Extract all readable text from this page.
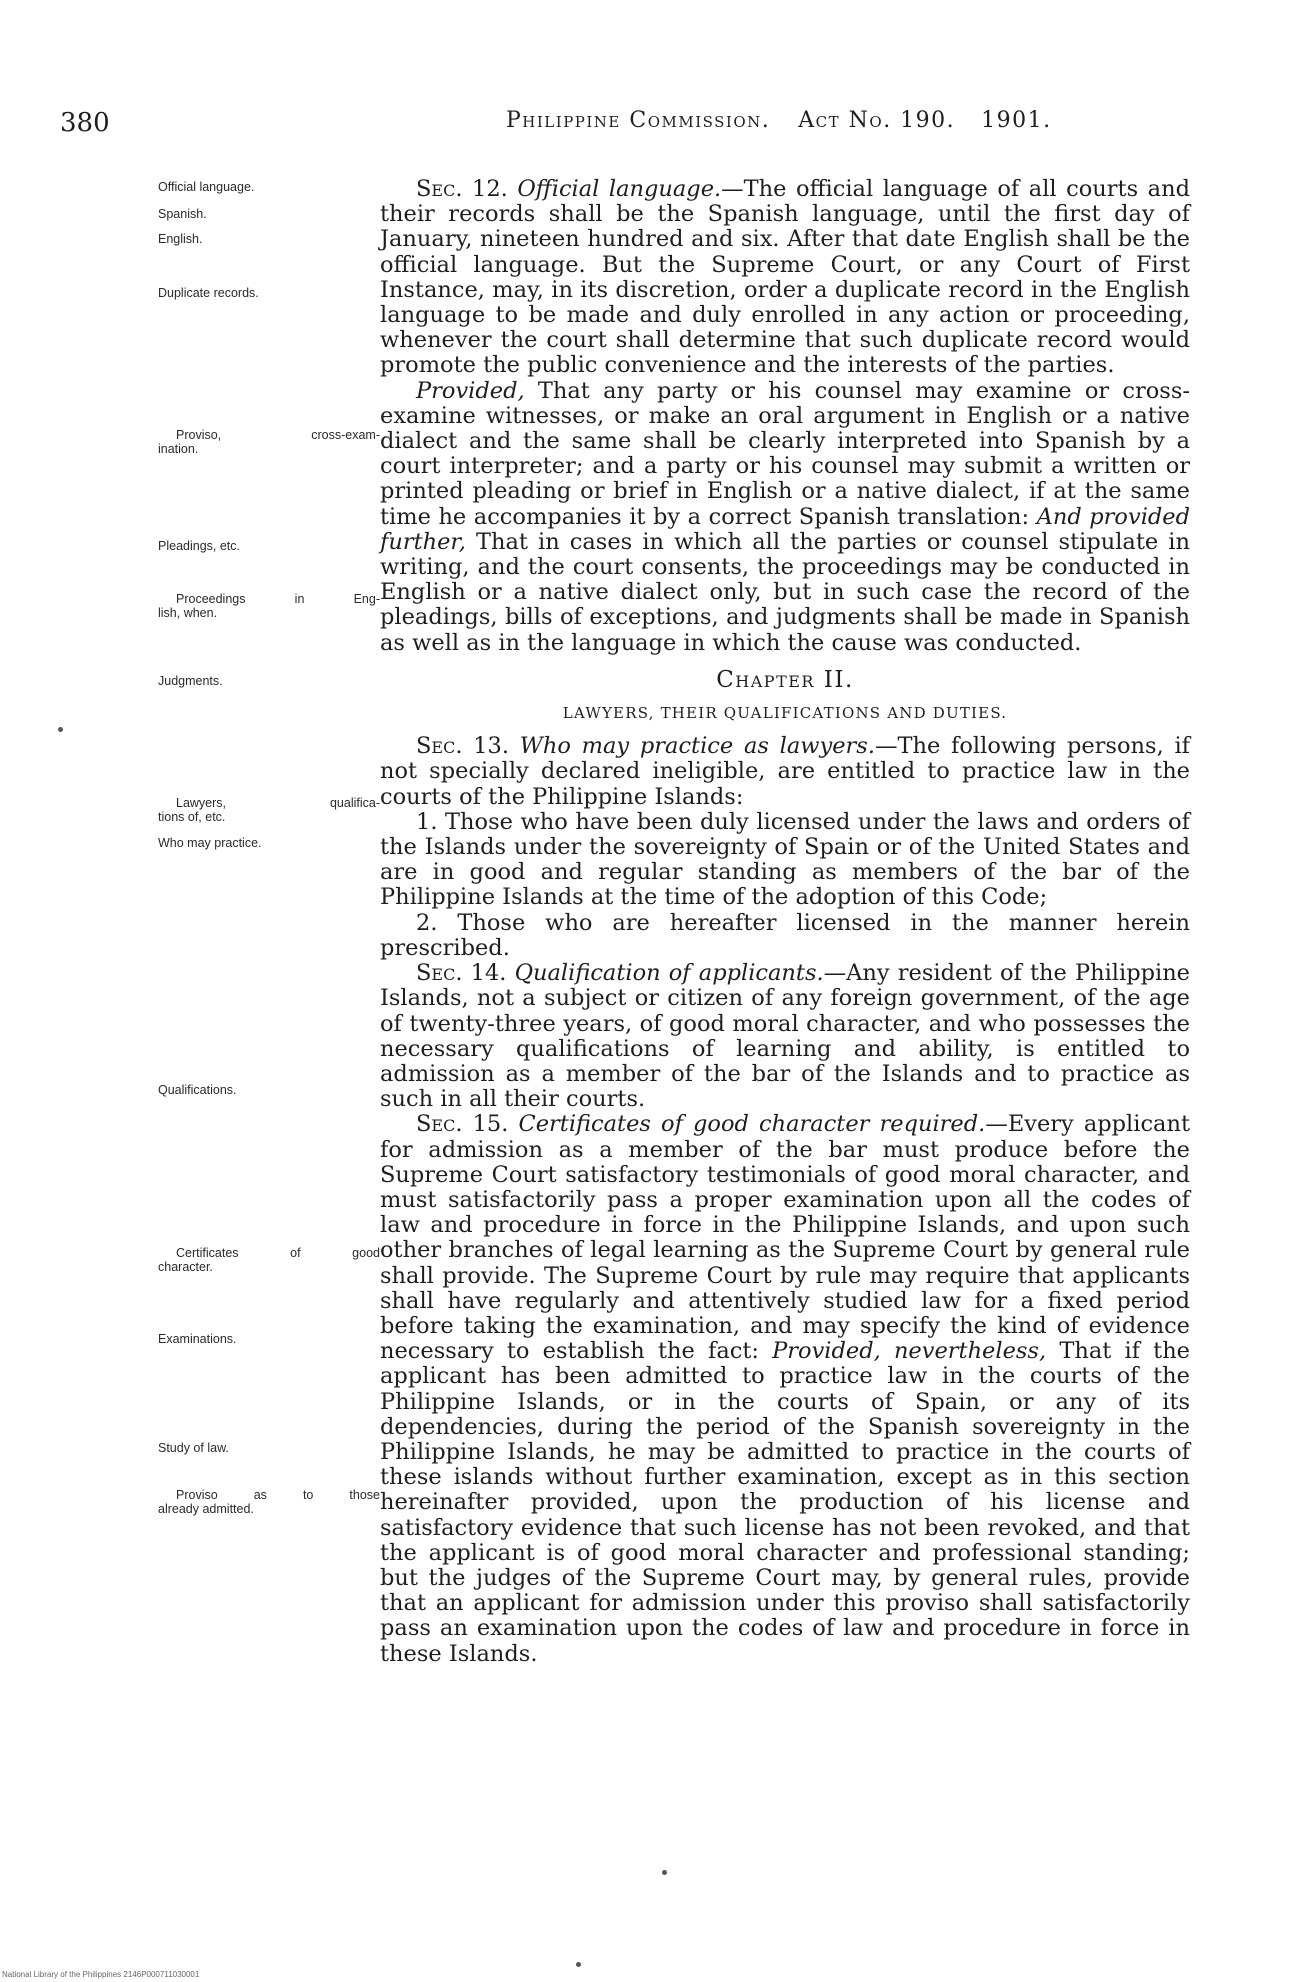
380	Philippine Commission. Act No. 190. 1901.
Official language.
Spanish.
English.
Duplicate records.
Proviso, cross-exam-
ination.
Pleadings, etc.
Proceedings in Eng-
lish, when.
Judgments.
Lawyers, qualifica-
tions of, etc.
Who may practice.
Qualifications.
Certificates of good
character.
Examinations.
Study of law.
Proviso as to those
already admitted.

Sec. 12. Official language.—The official language of all courts and their records shall be the Spanish language, until the first day of January, nineteen hundred and six. After that date English shall be the official language. But the Supreme Court, or any Court of First Instance, may, in its discretion, order a duplicate record in the English language to be made and duly enrolled in any action or proceeding, whenever the court shall determine that such duplicate record would promote the public convenience and the interests of the parties.

Provided, That any party or his counsel may examine or cross-examine witnesses, or make an oral argument in English or a native dialect and the same shall be clearly interpreted into Spanish by a court interpreter; and a party or his counsel may submit a written or printed pleading or brief in English or a native dialect, if at the same time he accompanies it by a correct Spanish translation: And provided further, That in cases in which all the parties or counsel stipulate in writing, and the court consents, the proceedings may be conducted in English or a native dialect only, but in such case the record of the pleadings, bills of exceptions, and judgments shall be made in Spanish as well as in the language in which the cause was conducted.

Chapter II.
LAWYERS, THEIR QUALIFICATIONS AND DUTIES.

Sec. 13. Who may practice as lawyers.—The following persons, if not specially declared ineligible, are entitled to practice law in the courts of the Philippine Islands:

1. Those who have been duly licensed under the laws and orders of the Islands under the sovereignty of Spain or of the United States and are in good and regular standing as members of the bar of the Philippine Islands at the time of the adoption of this Code;

2. Those who are hereafter licensed in the manner herein prescribed.

Sec. 14. Qualification of applicants.—Any resident of the Philippine Islands, not a subject or citizen of any foreign government, of the age of twenty-three years, of good moral character, and who possesses the necessary qualifications of learning and ability, is entitled to admission as a member of the bar of the Islands and to practice as such in all their courts.

Sec. 15. Certificates of good character required.—Every applicant for admission as a member of the bar must produce before the Supreme Court satisfactory testimonials of good moral character, and must satisfactorily pass a proper examination upon all the codes of law and procedure in force in the Philippine Islands, and upon such other branches of legal learning as the Supreme Court by general rule shall provide. The Supreme Court by rule may require that applicants shall have regularly and attentively studied law for a fixed period before taking the examination, and may specify the kind of evidence necessary to establish the fact: Provided, nevertheless, That if the applicant has been admitted to practice law in the courts of the Philippine Islands, or in the courts of Spain, or any of its dependencies, during the period of the Spanish sovereignty in the Philippine Islands, he may be admitted to practice in the courts of these islands without further examination, except as in this section hereinafter provided, upon the production of his license and satisfactory evidence that such license has not been revoked, and that the applicant is of good moral character and professional standing; but the judges of the Supreme Court may, by general rules, provide that an applicant for admission under this proviso shall satisfactorily pass an examination upon the codes of law and procedure in force in these Islands.

National Library of the Philippines 2146P000711030001
